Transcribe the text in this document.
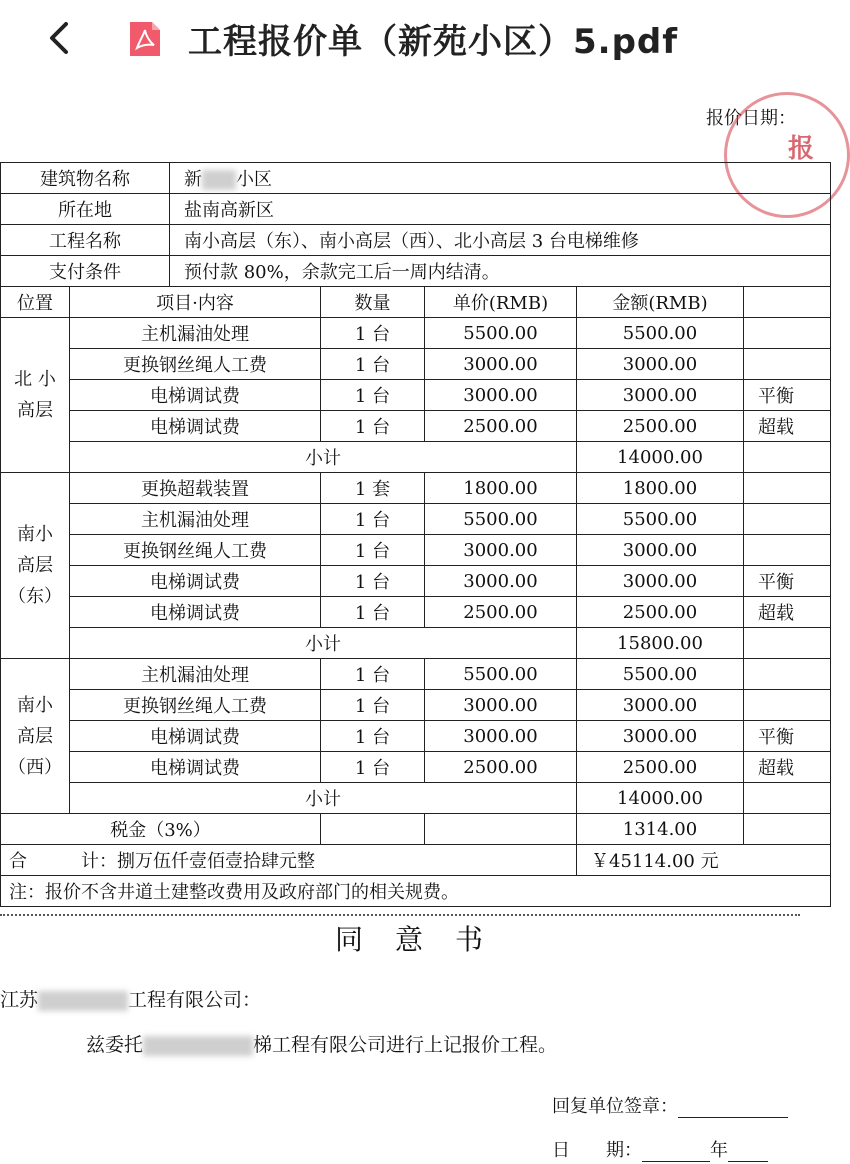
工程报价单（新苑小区）5.pdf
报价日期：
报
建筑物名称		新 小区				
所在地		盐南高新区				
工程名称		南小高层（东）、南小高层（西）、北小高层 3 台电梯维修				
支付条件		预付款 80%，余款完工后一周内结清。				
位置	项目·内容		数量	单价(RMB)	金额(RMB)	
北 小
高层	主机漏油处理		1 台	5500.00	5500.00	
	更换钢丝绳人工费		1 台	3000.00	3000.00	
	电梯调试费		1 台	3000.00	3000.00	平衡
	电梯调试费		1 台	2500.00	2500.00	超载
	小计				14000.00	
南小
高层
（东）	更换超载装置		1 套	1800.00	1800.00	
	主机漏油处理		1 台	5500.00	5500.00	
	更换钢丝绳人工费		1 台	3000.00	3000.00	
	电梯调试费		1 台	3000.00	3000.00	平衡
	电梯调试费		1 台	2500.00	2500.00	超载
	小计				15800.00	
南小
高层
（西）	主机漏油处理		1 台	5500.00	5500.00	
	更换钢丝绳人工费		1 台	3000.00	3000.00	
	电梯调试费		1 台	3000.00	3000.00	平衡
	电梯调试费		1 台	2500.00	2500.00	超载
	小计				14000.00	
税金（3%）					1314.00	
合　　　计：捌万伍仟壹佰壹拾肆元整					￥45114.00 元	
注：报价不含井道土建整改费用及政府部门的相关规费。						
同意书
江苏	工程有限公司：
兹委托	梯工程有限公司进行上记报价工程。
回复单位签章：
日　　期：	年
